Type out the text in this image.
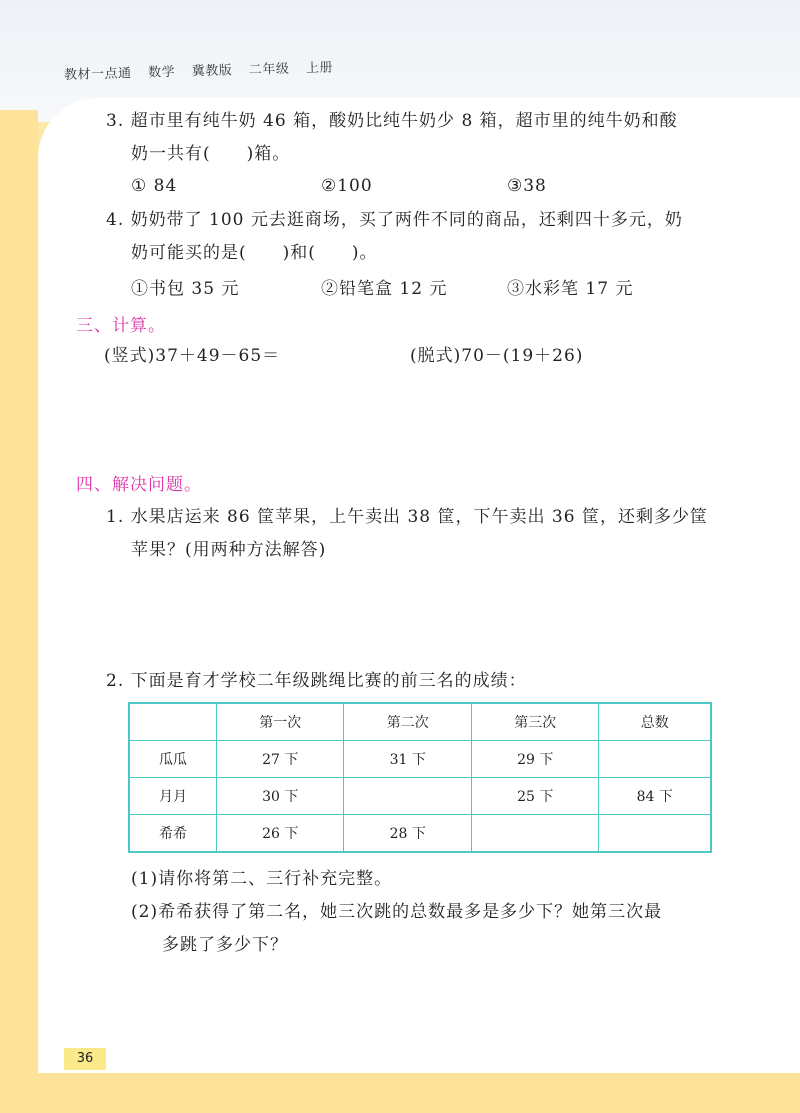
教材一点通 数学 冀教版 二年级 上册
3. 超市里有纯牛奶 46 箱，酸奶比纯牛奶少 8 箱，超市里的纯牛奶和酸
奶一共有(　　)箱。
① 84	②100	③38
4. 奶奶带了 100 元去逛商场，买了两件不同的商品，还剩四十多元，奶
奶可能买的是(　　)和(　　)。
①书包 35 元	②铅笔盒 12 元	③水彩笔 17 元
三、计算。
(竖式)37＋49－65＝	(脱式)70－(19＋26)
四、解决问题。
1. 水果店运来 86 筐苹果，上午卖出 38 筐，下午卖出 36 筐，还剩多少筐
苹果？(用两种方法解答)
2. 下面是育才学校二年级跳绳比赛的前三名的成绩：
	第一次	第二次	第三次	总数
瓜瓜	27 下	31 下	29 下	
月月	30 下		25 下	84 下
希希	26 下	28 下		
(1)请你将第二、三行补充完整。
(2)希希获得了第二名，她三次跳的总数最多是多少下？她第三次最
多跳了多少下？
36
